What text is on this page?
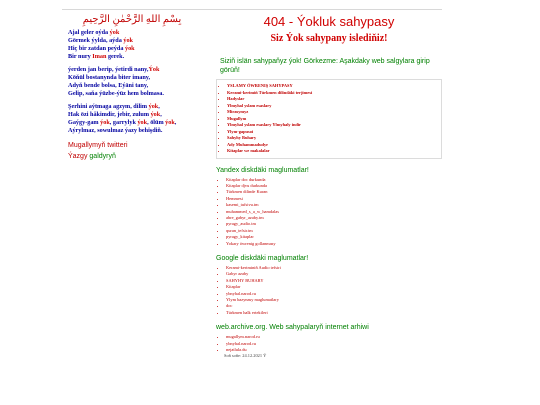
بِسْمِ اللهِ الرَّحْمٰنِ الرَّحِيمِ
Ajal geler oýda ýok
Görmek ýylda, aýda ýok
Hiç bir zatdan peýda ýok
Bir nury Iman gerek.
ýerden jan berip, ýetirdi nany,Ýok
Köňül bostanynda biter imany,
Adyň bende bolsa, Eýäni tany,
Gelip, saňa ýüzbe-ýüz hem bolmasa.
Şerhini aýtmaga agzym, dilim ýok,
Hak özi hâkimdir, jebir, zulum ýok,
Gaýgy-gam ýok, garrylyk ýok, ölüm ýok,
Aýrylmaz, sowulmaz ýazy behişdiň.
Mugallymyň twitteri
Ýazgy galdyryň
404 - Ýokluk sahypasy
Siz Ýok sahypany islediňiz!
Siziň islän sahypaňyz ýok! Görkezme: Aşakdaky web salgylara girip görüň!
• YSLAMY ÖWRENIŞ SAHYPASY
• Kerami-kerimiň Türkmen dilindäki terjimesi
• Hadyslar
• Ylmyhal yslam esaslary
• Mirasymyz
• Mugallym
• Ylmyhal yslam esaslary Ylmyhaly indir
• Ylym-gapusoi
• Sahyhy Buhary
• Ady Muhammadudyr
• Kitaplar we makalalar
Yandex diskdäki maglumatlar!
• Kitaplar doc durkunda
• Kitaplar djvu durkunda
• Türkmen dilinde Kuran
• Hemmesi
• kasemi_tufsivu.tm
• muhammed_s_a_w_hamdalas
• abre_gabyr_azaby.tm
• pyragy_audio.tm
• quran_tefsir.tm
• pyragy_kitaplar
• Yokary öwrenig gollanmasy
Google diskdäki maglumatlar!
• Kerami-keriminiň Audio tefsiri
• Gabyr azaby
• SAHYHY BUHARY
• Kitaplar
• ybnyhal.narod.ru
• Ylym bazynasy maglumatlary
• doc
• Türkmen halk ertekileri
web.archive.org. Web sahypalaryň internet arhiwi
• mugallym.narod.ru
• ybnyhal.narod.ru
• nejatlula.du
Soň soňe: 24.12.2021 Ý
